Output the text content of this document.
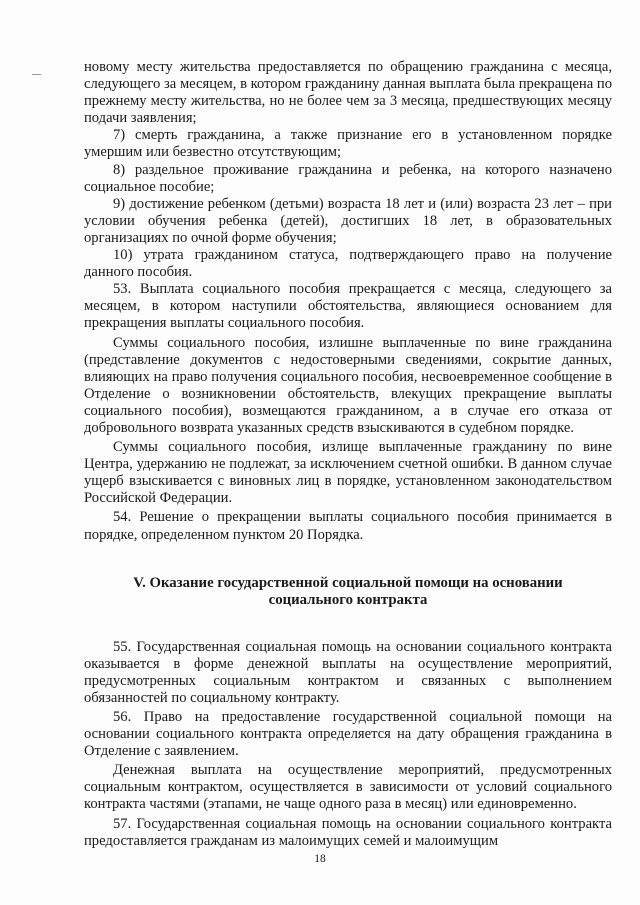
новому месту жительства предоставляется по обращению гражданина с месяца, следующего за месяцем, в котором гражданину данная выплата была прекращена по прежнему месту жительства, но не более чем за 3 месяца, предшествующих месяцу подачи заявления;

7) смерть гражданина, а также признание его в установленном порядке умершим или безвестно отсутствующим;

8) раздельное проживание гражданина и ребенка, на которого назначено социальное пособие;

9) достижение ребенком (детьми) возраста 18 лет и (или) возраста 23 лет – при условии обучения ребенка (детей), достигших 18 лет, в образовательных организациях по очной форме обучения;

10) утрата гражданином статуса, подтверждающего право на получение данного пособия.

53. Выплата социального пособия прекращается с месяца, следующего за месяцем, в котором наступили обстоятельства, являющиеся основанием для прекращения выплаты социального пособия.

Суммы социального пособия, излишне выплаченные по вине гражданина (представление документов с недостоверными сведениями, сокрытие данных, влияющих на право получения социального пособия, несвоевременное сообщение в Отделение о возникновении обстоятельств, влекущих прекращение выплаты социального пособия), возмещаются гражданином, а в случае его отказа от добровольного возврата указанных средств взыскиваются в судебном порядке.

Суммы социального пособия, излище выплаченные гражданину по вине Центра, удержанию не подлежат, за исключением счетной ошибки. В данном случае ущерб взыскивается с виновных лиц в порядке, установленном законодательством Российской Федерации.

54. Решение о прекращении выплаты социального пособия принимается в порядке, определенном пунктом 20 Порядка.

V. Оказание государственной социальной помощи на основании
социального контракта

55. Государственная социальная помощь на основании социального контракта оказывается в форме денежной выплаты на осуществление мероприятий, предусмотренных социальным контрактом и связанных с выполнением обязанностей по социальному контракту.

56. Право на предоставление государственной социальной помощи на основании социального контракта определяется на дату обращения гражданина в Отделение с заявлением.

Денежная выплата на осуществление мероприятий, предусмотренных социальным контрактом, осуществляется в зависимости от условий социального контракта частями (этапами, не чаще одного раза в месяц) или единовременно.

57. Государственная социальная помощь на основании социального контракта предоставляется гражданам из малоимущих семей и малоимущим

18
